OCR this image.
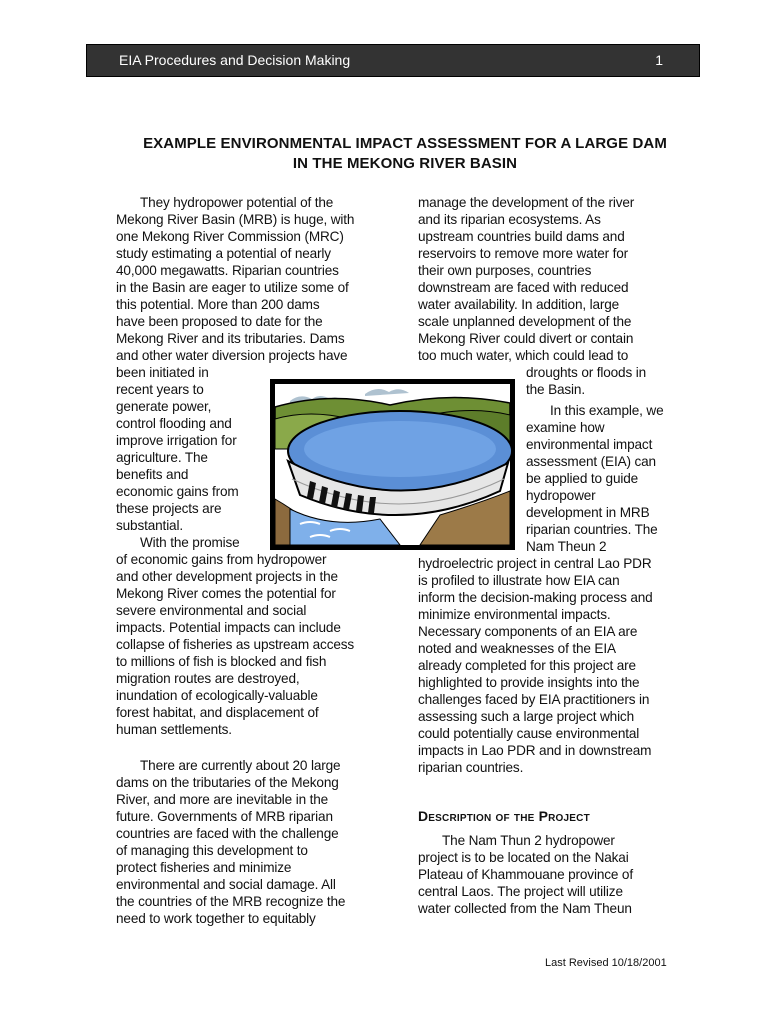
EIA Procedures and Decision Making	1
EXAMPLE ENVIRONMENTAL IMPACT ASSESSMENT FOR A LARGE DAM
IN THE MEKONG RIVER BASIN
They hydropower potential of the
Mekong River Basin (MRB) is huge, with
one Mekong River Commission (MRC)
study estimating a potential of nearly
40,000 megawatts. Riparian countries
in the Basin are eager to utilize some of
this potential. More than 200 dams
have been proposed to date for the
Mekong River and its tributaries. Dams
and other water diversion projects have
been initiated in
recent years to
generate power,
control flooding and
improve irrigation for
agriculture. The
benefits and
economic gains from
these projects are
substantial.
With the promise
of economic gains from hydropower
and other development projects in the
Mekong River comes the potential for
severe environmental and social
impacts. Potential impacts can include
collapse of fisheries as upstream access
to millions of fish is blocked and fish
migration routes are destroyed,
inundation of ecologically-valuable
forest habitat, and displacement of
human settlements.
There are currently about 20 large
dams on the tributaries of the Mekong
River, and more are inevitable in the
future. Governments of MRB riparian
countries are faced with the challenge
of managing this development to
protect fisheries and minimize
environmental and social damage. All
the countries of the MRB recognize the
need to work together to equitably
manage the development of the river
and its riparian ecosystems. As
upstream countries build dams and
reservoirs to remove more water for
their own purposes, countries
downstream are faced with reduced
water availability. In addition, large
scale unplanned development of the
Mekong River could divert or contain
too much water, which could lead to
droughts or floods in
the Basin.
In this example, we
examine how
environmental impact
assessment (EIA) can
be applied to guide
hydropower
development in MRB
riparian countries. The
Nam Theun 2
hydroelectric project in central Lao PDR
is profiled to illustrate how EIA can
inform the decision-making process and
minimize environmental impacts.
Necessary components of an EIA are
noted and weaknesses of the EIA
already completed for this project are
highlighted to provide insights into the
challenges faced by EIA practitioners in
assessing such a large project which
could potentially cause environmental
impacts in Lao PDR and in downstream
riparian countries.
Description of the Project
The Nam Thun 2 hydropower
project is to be located on the Nakai
Plateau of Khammouane province of
central Laos. The project will utilize
water collected from the Nam Theun
Last Revised 10/18/2001
